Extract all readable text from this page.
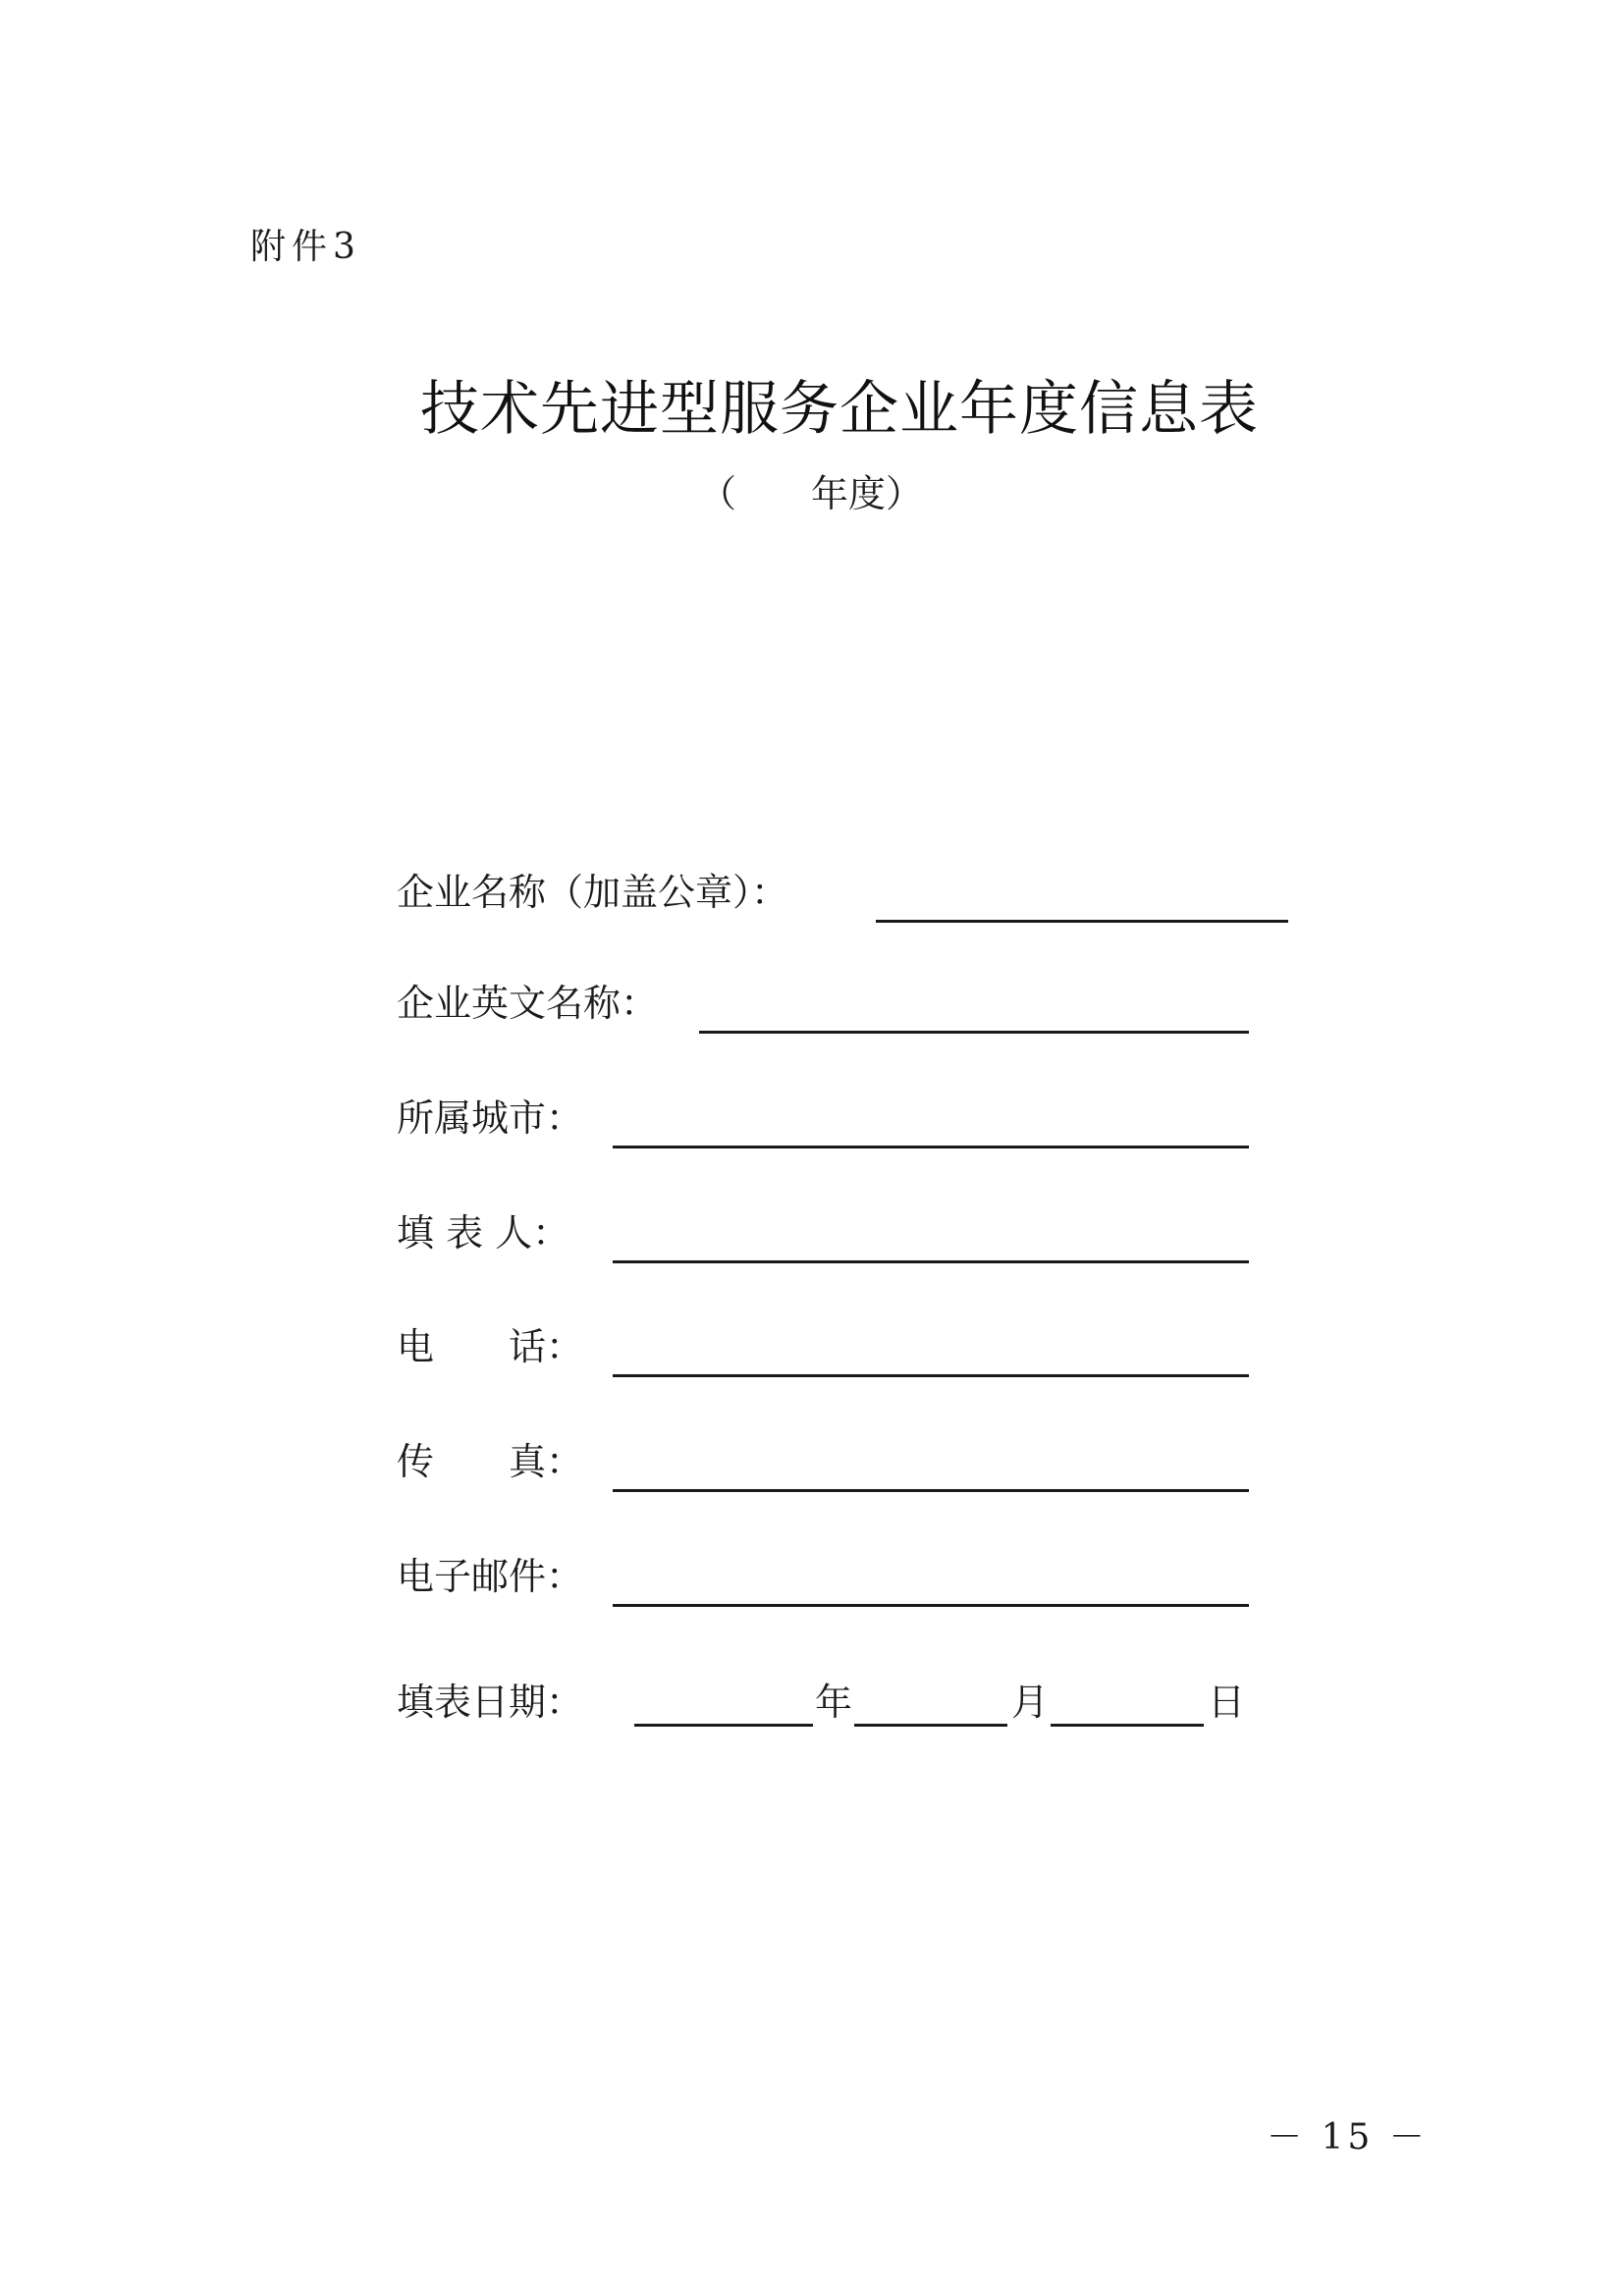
附件3
技术先进型服务企业年度信息表
（　　年度）
企业名称（加盖公章）：
企业英文名称：
所属城市：
填 表 人：
电　　话：
传　　真：
电子邮件：
填表日期：	年	月	日
－ 15 －
